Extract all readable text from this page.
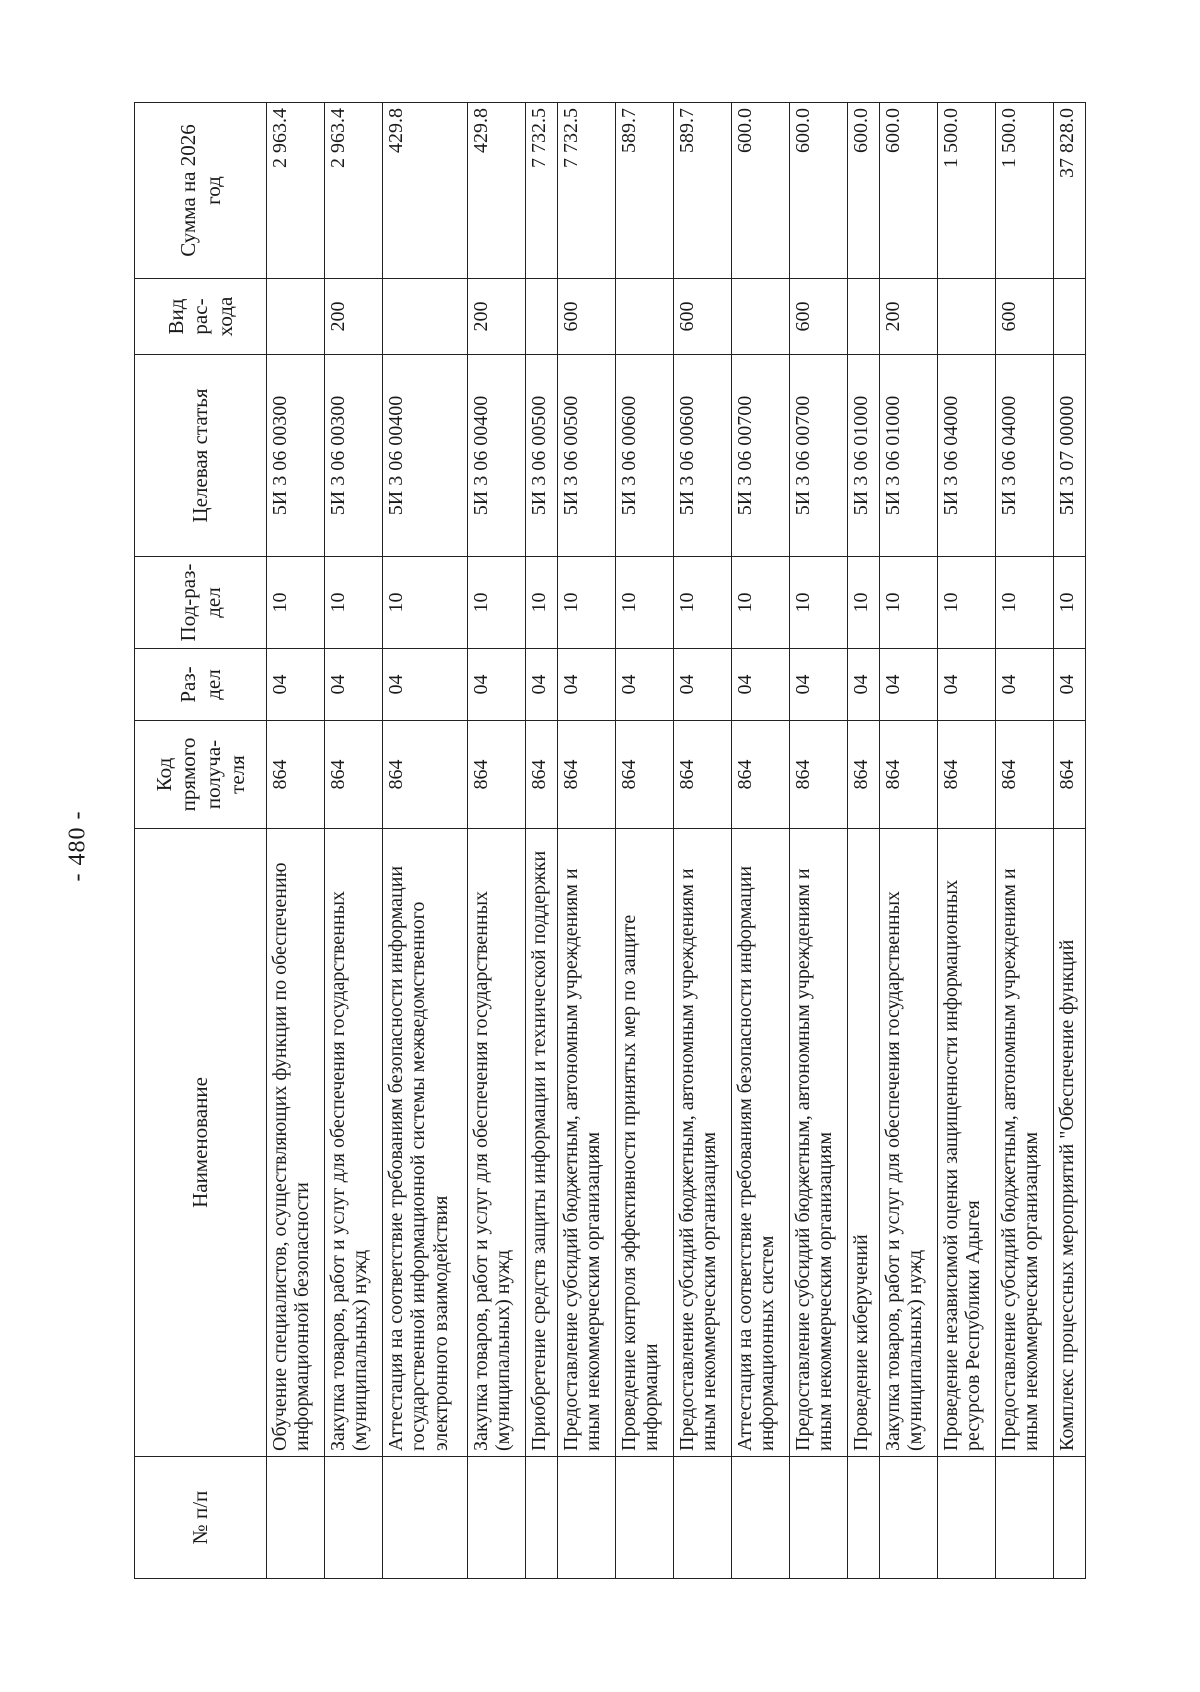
- 480 -
№ п/п	Наименование	Код прямого получа-теля	Раз-дел	Под-раз-дел	Целевая статья	Вид рас-хода	Сумма на 2026 год
	Обучение специалистов, осуществляющих функции по обеспечению информационной безопасности	864	04	10	5И 3 06 00300		2 963.4
	Закупка товаров, работ и услуг для обеспечения государственных (муниципальных) нужд	864	04	10	5И 3 06 00300	200	2 963.4
	Аттестация на соответствие требованиям безопасности информации государственной информационной системы межведомственного электронного взаимодействия	864	04	10	5И 3 06 00400		429.8
	Закупка товаров, работ и услуг для обеспечения государственных (муниципальных) нужд	864	04	10	5И 3 06 00400	200	429.8
	Приобретение средств защиты информации и технической поддержки	864	04	10	5И 3 06 00500		7 732.5
	Предоставление субсидий бюджетным, автономным учреждениям и иным некоммерческим организациям	864	04	10	5И 3 06 00500	600	7 732.5
	Проведение контроля эффективности принятых мер по защите информации	864	04	10	5И 3 06 00600		589.7
	Предоставление субсидий бюджетным, автономным учреждениям и иным некоммерческим организациям	864	04	10	5И 3 06 00600	600	589.7
	Аттестация на соответствие требованиям безопасности информации информационных систем	864	04	10	5И 3 06 00700		600.0
	Предоставление субсидий бюджетным, автономным учреждениям и иным некоммерческим организациям	864	04	10	5И 3 06 00700	600	600.0
	Проведение киберучений	864	04	10	5И 3 06 01000		600.0
	Закупка товаров, работ и услуг для обеспечения государственных (муниципальных) нужд	864	04	10	5И 3 06 01000	200	600.0
	Проведение независимой оценки защищенности информационных ресурсов Республики Адыгея	864	04	10	5И 3 06 04000		1 500.0
	Предоставление субсидий бюджетным, автономным учреждениям и иным некоммерческим организациям	864	04	10	5И 3 06 04000	600	1 500.0
	Комплекс процессных мероприятий "Обеспечение функций	864	04	10	5И 3 07 00000		37 828.0
